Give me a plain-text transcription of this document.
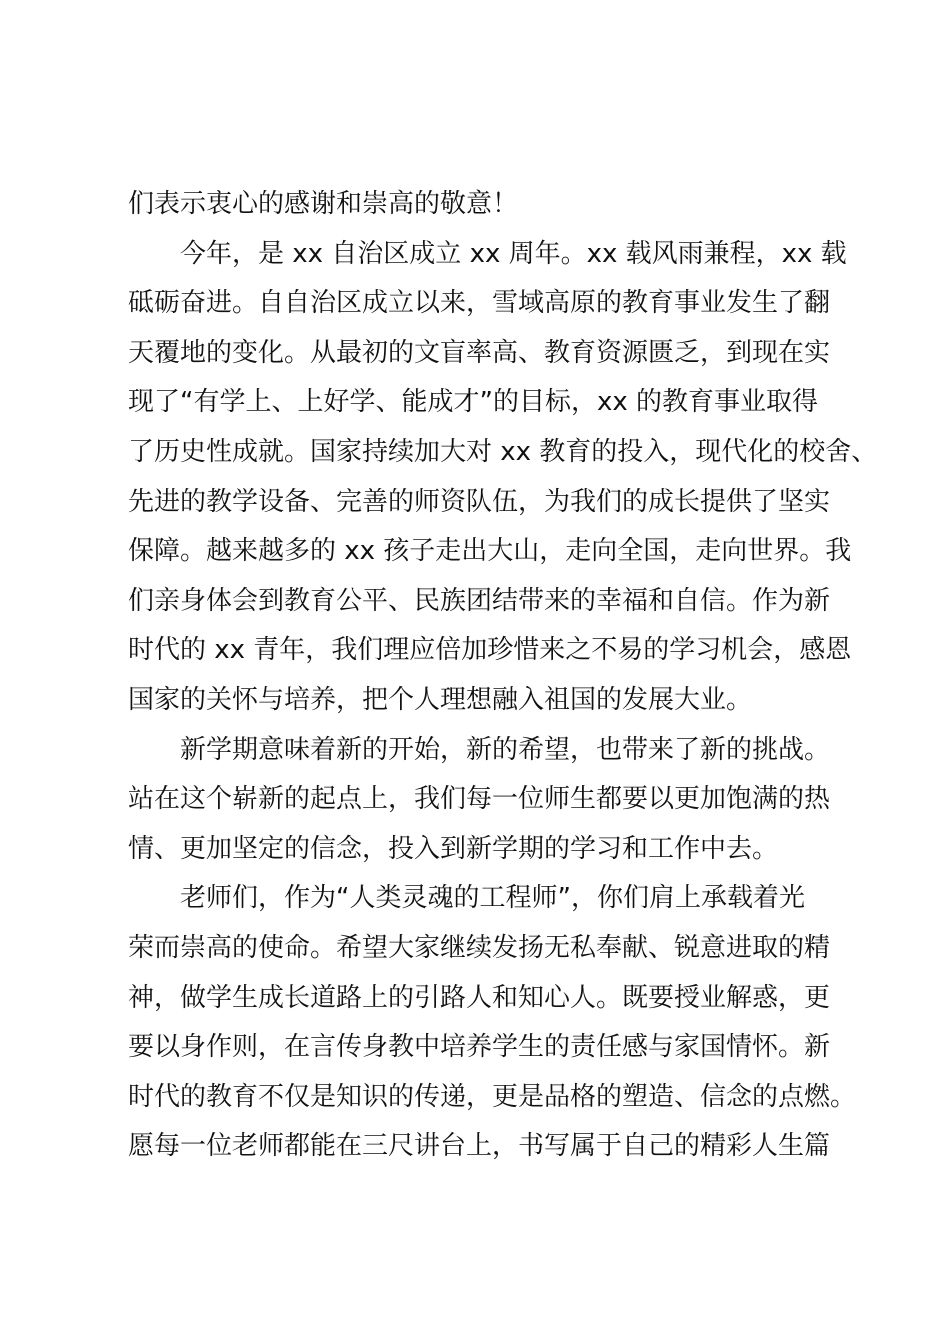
们表示衷心的感谢和崇高的敬意！
今年，是 xx 自治区成立 xx 周年。xx 载风雨兼程，xx 载
砥砺奋进。自自治区成立以来，雪域高原的教育事业发生了翻
天覆地的变化。从最初的文盲率高、教育资源匮乏，到现在实
现了“有学上、上好学、能成才”的目标，xx 的教育事业取得
了历史性成就。国家持续加大对 xx 教育的投入，现代化的校舍、
先进的教学设备、完善的师资队伍，为我们的成长提供了坚实
保障。越来越多的 xx 孩子走出大山，走向全国，走向世界。我
们亲身体会到教育公平、民族团结带来的幸福和自信。作为新
时代的 xx 青年，我们理应倍加珍惜来之不易的学习机会，感恩
国家的关怀与培养，把个人理想融入祖国的发展大业。
新学期意味着新的开始，新的希望，也带来了新的挑战。
站在这个崭新的起点上，我们每一位师生都要以更加饱满的热
情、更加坚定的信念，投入到新学期的学习和工作中去。
老师们，作为“人类灵魂的工程师”，你们肩上承载着光
荣而崇高的使命。希望大家继续发扬无私奉献、锐意进取的精
神，做学生成长道路上的引路人和知心人。既要授业解惑，更
要以身作则，在言传身教中培养学生的责任感与家国情怀。新
时代的教育不仅是知识的传递，更是品格的塑造、信念的点燃。
愿每一位老师都能在三尺讲台上，书写属于自己的精彩人生篇
